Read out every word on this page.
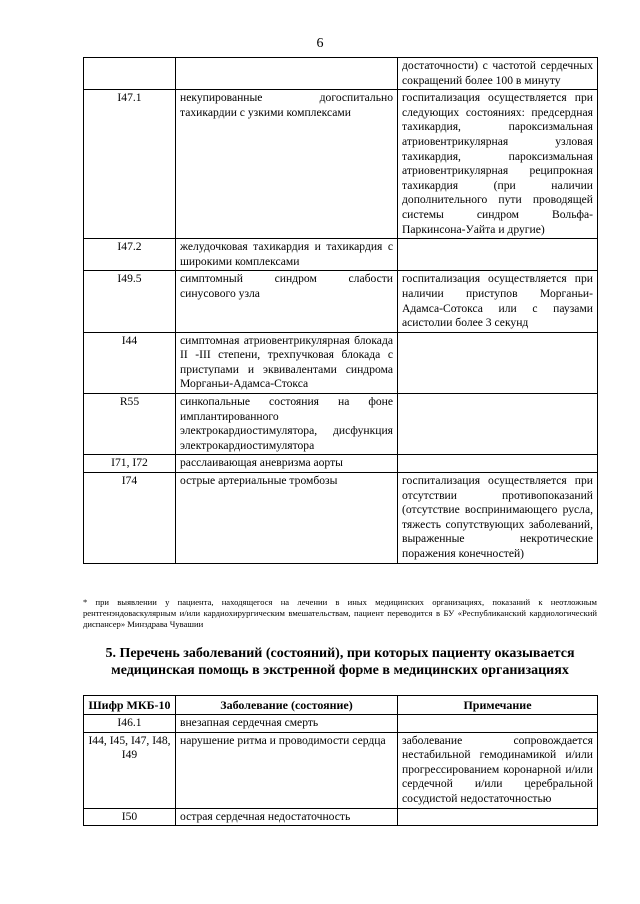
6
		достаточности) с частотой сердечных сокращений более 100 в минуту
I47.1	некупированные догоспитально тахикардии с узкими комплексами	госпитализация осуществляется при следующих состояниях: предсердная тахикардия, пароксизмальная атриовентрикулярная узловая тахикардия, пароксизмальная атриовентрикулярная реципрокная тахикардия (при наличии дополнительного пути проводящей системы синдром Вольфа-Паркинсона-Уайта и другие)
I47.2	желудочковая тахикардия и тахикардия с широкими комплексами	
I49.5	симптомный синдром слабости синусового узла	госпитализация осуществляется при наличии приступов Морганьи-Адамса-Сотокса или с паузами асистолии более 3 секунд
I44	симптомная атриовентрикулярная блокада II -III степени, трехпучковая блокада с приступами и эквивалентами синдрома Морганьи-Адамса-Стокса	
R55	синкопальные состояния на фоне имплантированного электрокардиостимулятора, дисфункция электрокардиостимулятора	
I71, I72	расслаивающая аневризма аорты	
I74	острые артериальные тромбозы	госпитализация осуществляется при отсутствии противопоказаний (отсутствие воспринимающего русла, тяжесть сопутствующих заболеваний, выраженные некротические поражения конечностей)
* при выявлении у пациента, находящегося на лечении в иных медицинских организациях, показаний к неотложным рентгенэндоваскулярным и/или кардиохирургическим вмешательствам, пациент переводится в БУ «Республиканский кардиологический диспансер» Минздрава Чувашии
5. Перечень заболеваний (состояний), при которых пациенту оказывается
медицинская помощь в экстренной форме в медицинских организациях
Шифр МКБ-10	Заболевание (состояние)	Примечание
I46.1	внезапная сердечная смерть	
I44, I45, I47, I48, I49	нарушение ритма и проводимости сердца	заболевание сопровождается нестабильной гемодинамикой и/или прогрессированием коронарной и/или сердечной и/или церебральной сосудистой недостаточностью
I50	острая сердечная недостаточность	
